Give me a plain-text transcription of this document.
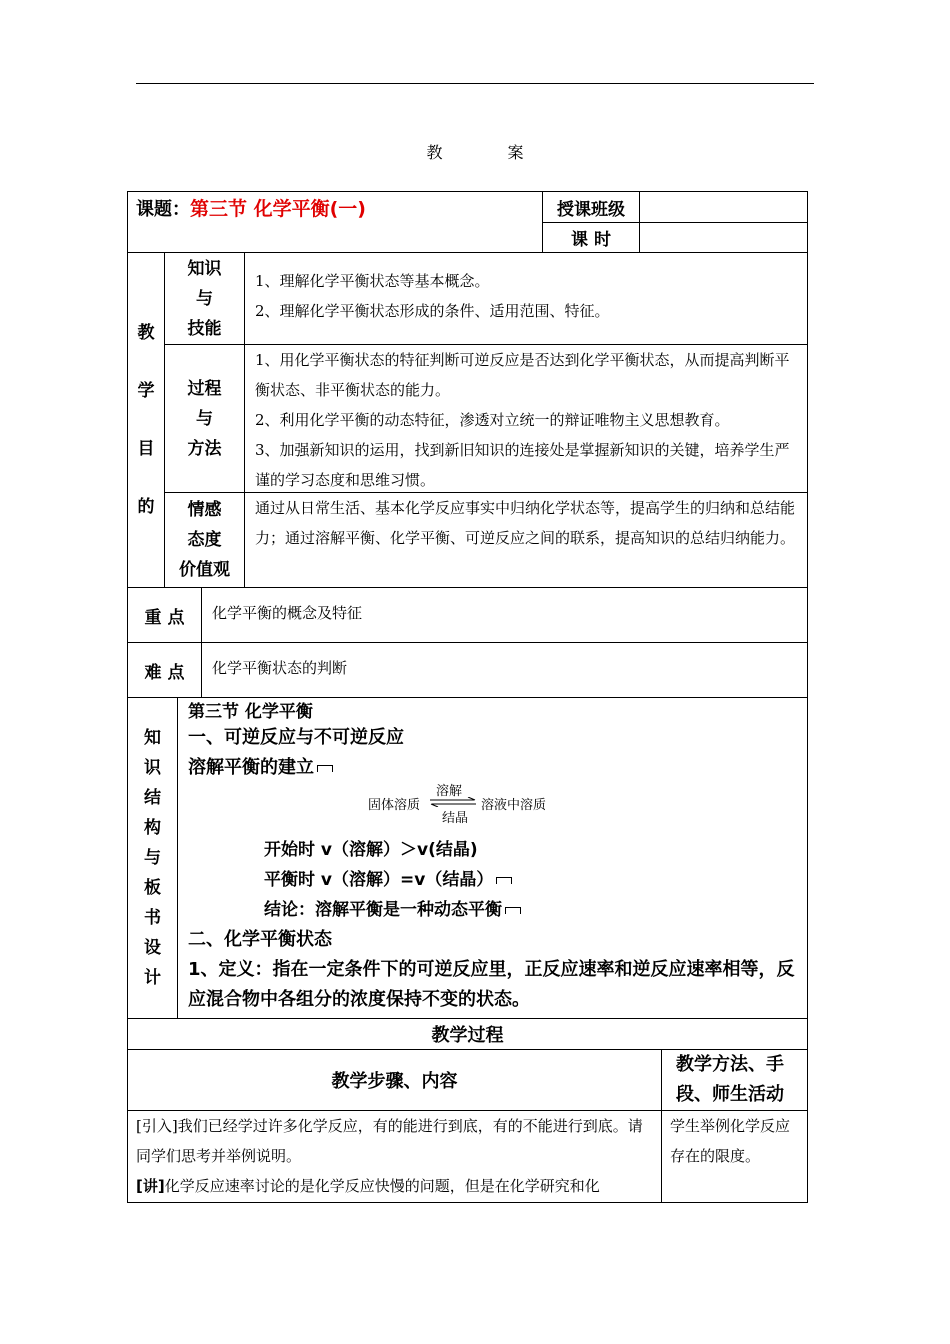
教 案
课题：第三节 化学平衡(一)	授课班级
课 时
教
学
目
的
知识
与
技能

1、理解化学平衡状态等基本概念。

2、理解化学平衡状态形成的条件、适用范围、特征。

过程
与
方法

1、用化学平衡状态的特征判断可逆反应是否达到化学平衡状态，从而提高判断平衡状态、非平衡状态的能力。

2、利用化学平衡的动态特征，渗透对立统一的辩证唯物主义思想教育。

3、加强新知识的运用，找到新旧知识的连接处是掌握新知识的关键，培养学生严谨的学习态度和思维习惯。

情感
态度
价值观

通过从日常生活、基本化学反应事实中归纳化学状态等，提高学生的归纳和总结能力；通过溶解平衡、化学平衡、可逆反应之间的联系，提高知识的总结归纳能力。

重 点 化学平衡的概念及特征

难 点 化学平衡状态的判断

知
识
结
构
与
板
书
设
计
第三节 化学平衡
一、可逆反应与不可逆反应
溶解平衡的建立
固体溶质
溶解
结晶
溶液中溶质
开始时 v（溶解）＞v(结晶)
平衡时 v（溶解）=v（结晶）
结论：溶解平衡是一种动态平衡
二、化学平衡状态
1、定义：指在一定条件下的可逆反应里，正反应速率和逆反应速率相等，反应混合物中各组分的浓度保持不变的状态。
教学过程
教学步骤、内容
教学方法、手段、师生活动

[引入]我们已经学过许多化学反应，有的能进行到底，有的不能进行到底。请同学们思考并举例说明。

[讲]化学反应速率讨论的是化学反应快慢的问题，但是在化学研究和化

学生举例化学反应存在的限度。
